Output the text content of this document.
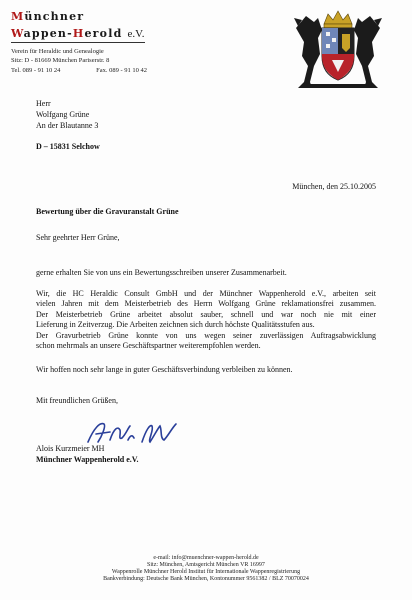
Münchner
Wappen-Herold e.V.
Verein für Heraldic und Genealogie
Sitz: D - 81669 München Pariserstr. 8
Tel. 089 - 91 10 24	Fax. 089 - 91 10 42
Herr
Wolfgang Grüne
An der Blautanne 3
D – 15831 Selchow
München, den 25.10.2005
Bewertung über die Gravuranstalt Grüne
Sehr geehrter Herr Grüne,
gerne erhalten Sie von uns ein Bewertungsschreiben unserer Zusammenarbeit.
Wir, die HC Heraldic Consult GmbH und der Münchner Wappenherold e.V., arbeiten seit
vielen Jahren mit dem Meisterbetrieb des Herrn Wolfgang Grüne reklamationsfrei zusammen.
Der Meisterbetrieb Grüne arbeitet absolut sauber, schnell und war noch nie mit einer
Lieferung in Zeitverzug. Die Arbeiten zeichnen sich durch höchste Qualitätsstufen aus.
Der Gravurbetrieb Grüne konnte von uns wegen seiner zuverlässigen Auftragsabwicklung
schon mehrmals an unsere Geschäftspartner weiterempfohlen werden.
Wir hoffen noch sehr lange in guter Geschäftsverbindung verbleiben zu können.
Mit freundlichen Grüßen,
Alois Kurzmeier MH
Münchner Wappenherold e.V.
e-mail: info@muenchner-wappen-herold.de
Sitz: München, Amtsgericht München VR 16997
Wappenrolle Münchner Herold Institut für Internationale Wappenregistrierung
Bankverbindung: Deutsche Bank München, Kontonummer 9561382 / BLZ 70070024
